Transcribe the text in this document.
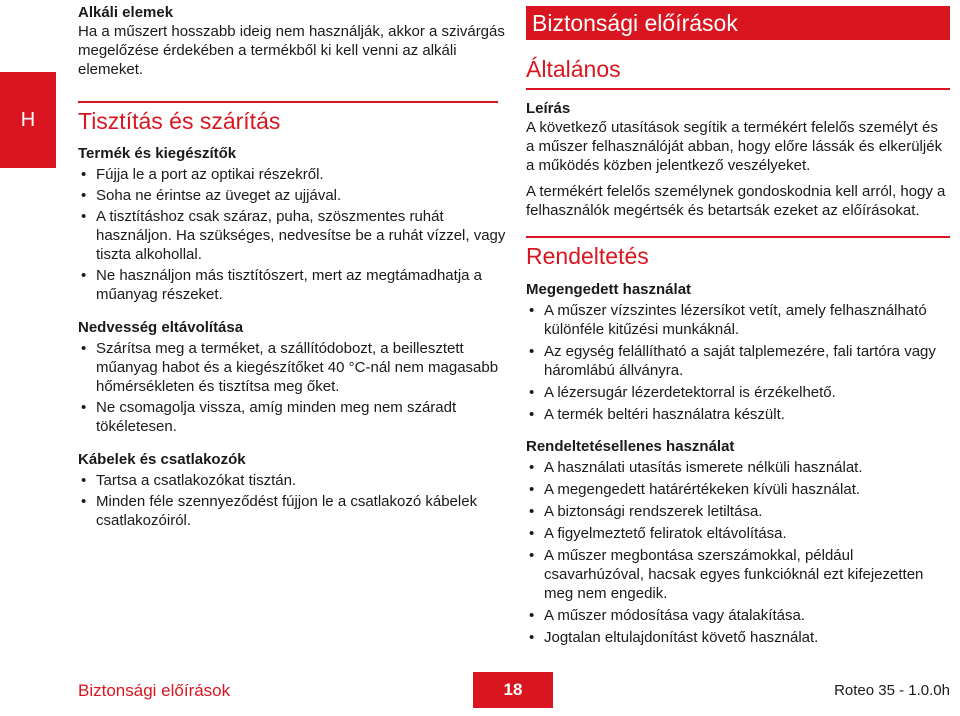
H
Alkáli elemek
Ha a műszert hosszabb ideig nem használják, akkor a szivárgás megelőzése érdekében a termékből ki kell venni az alkáli elemeket.
Tisztítás és szárítás
Termék és kiegészítők
• Fújja le a port az optikai részekről.
• Soha ne érintse az üveget az ujjával.
• A tisztításhoz csak száraz, puha, szöszmentes ruhát használjon. Ha szükséges, nedvesítse be a ruhát vízzel, vagy tiszta alkohollal.
• Ne használjon más tisztítószert, mert az megtámadhatja a műanyag részeket.
Nedvesség eltávolítása
• Szárítsa meg a terméket, a szállítódobozt, a beillesztett műanyag habot és a kiegészítőket 40 °C-nál nem magasabb hőmérsékleten és tisztítsa meg őket.
• Ne csomagolja vissza, amíg minden meg nem száradt tökéletesen.
Kábelek és csatlakozók
• Tartsa a csatlakozókat tisztán.
• Minden féle szennyeződést fújjon le a csatlakozó kábelek csatlakozóiról.
Biztonsági előírások
Általános
Leírás

A következő utasítások segítik a termékért felelős személyt és a műszer felhasználóját abban, hogy előre lássák és elkerüljék a működés közben jelentkező veszélyeket.

A termékért felelős személynek gondoskodnia kell arról, hogy a felhasználók megértsék és betartsák ezeket az előírásokat.

Rendeltetés
Megengedett használat
• A műszer vízszintes lézersíkot vetít, amely felhasználható különféle kitűzési munkáknál.
• Az egység felállítható a saját talplemezére, fali tartóra vagy háromlábú állványra.
• A lézersugár lézerdetektorral is érzékelhető.
• A termék beltéri használatra készült.
Rendeltetésellenes használat
• A használati utasítás ismerete nélküli használat.
• A megengedett határértékeken kívüli használat.
• A biztonsági rendszerek letiltása.
• A figyelmeztető feliratok eltávolítása.
• A műszer megbontása szerszámokkal, például csavarhúzóval, hacsak egyes funkcióknál ezt kifejezetten meg nem engedik.
• A műszer módosítása vagy átalakítása.
• Jogtalan eltulajdonítást követő használat.
Biztonsági előírások	18	Roteo 35 - 1.0.0h
